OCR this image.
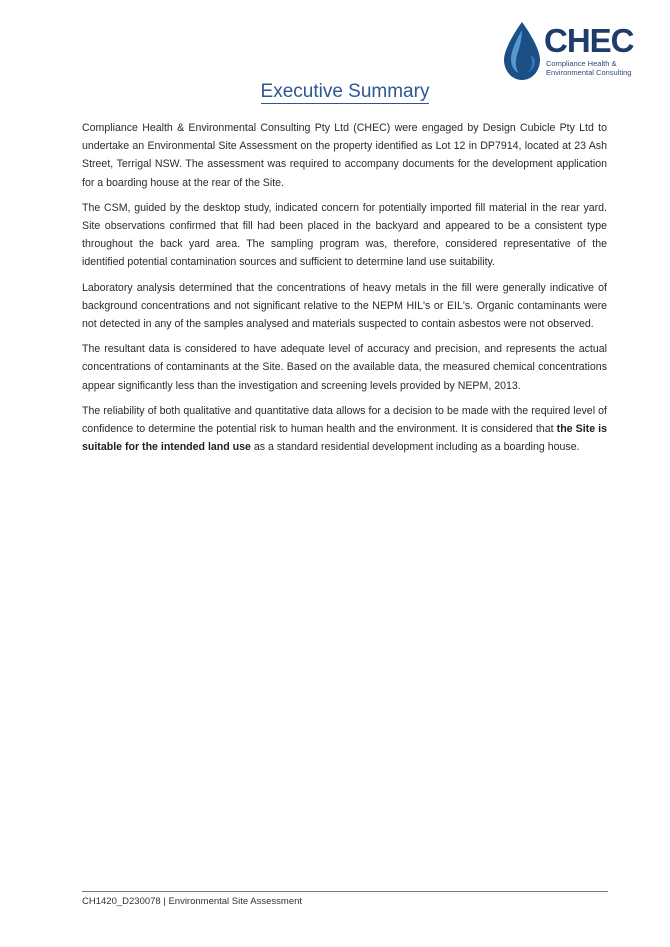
CHEC
Compliance Health & Environmental Consulting
Executive Summary

Compliance Health & Environmental Consulting Pty Ltd (CHEC) were engaged by Design Cubicle Pty Ltd to undertake an Environmental Site Assessment on the property identified as Lot 12 in DP7914, located at 23 Ash Street, Terrigal NSW. The assessment was required to accompany documents for the development application for a boarding house at the rear of the Site.

The CSM, guided by the desktop study, indicated concern for potentially imported fill material in the rear yard. Site observations confirmed that fill had been placed in the backyard and appeared to be a consistent type throughout the back yard area. The sampling program was, therefore, considered representative of the identified potential contamination sources and sufficient to determine land use suitability.

Laboratory analysis determined that the concentrations of heavy metals in the fill were generally indicative of background concentrations and not significant relative to the NEPM HIL's or EIL's. Organic contaminants were not detected in any of the samples analysed and materials suspected to contain asbestos were not observed.

The resultant data is considered to have adequate level of accuracy and precision, and represents the actual concentrations of contaminants at the Site. Based on the available data, the measured chemical concentrations appear significantly less than the investigation and screening levels provided by NEPM, 2013.

The reliability of both qualitative and quantitative data allows for a decision to be made with the required level of confidence to determine the potential risk to human health and the environment. It is considered that the Site is suitable for the intended land use as a standard residential development including as a boarding house.

CH1420_D230078 | Environmental Site Assessment
